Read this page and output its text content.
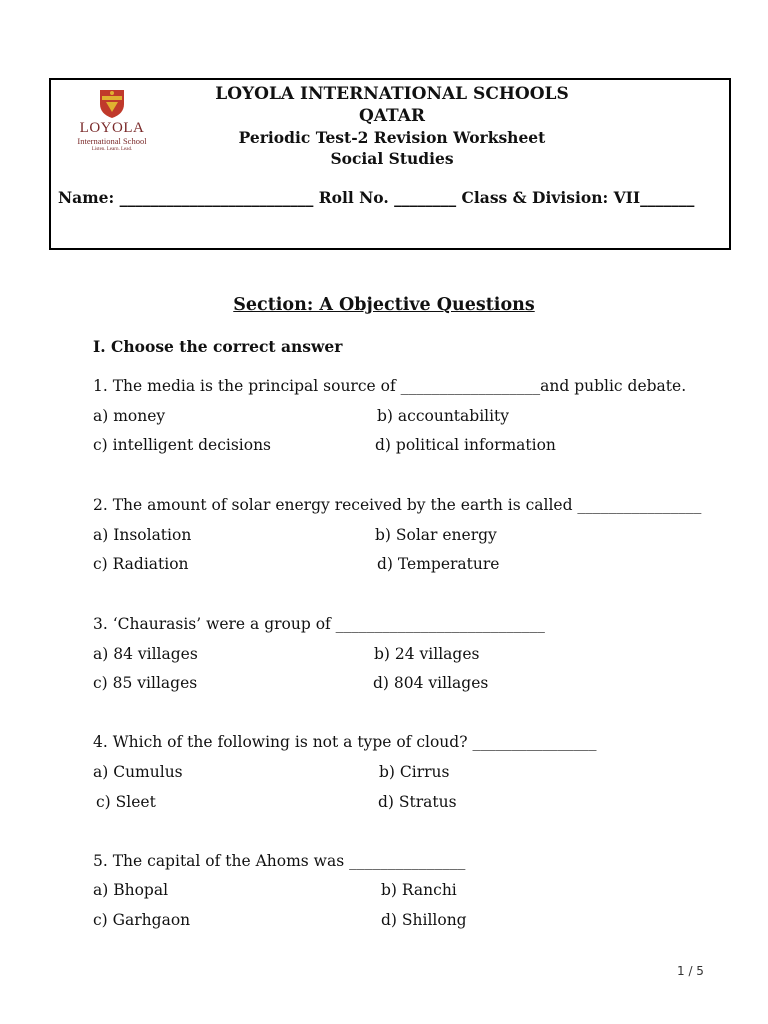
LOYOLA
International School
Listen. Learn. Lead.
LOYOLA INTERNATIONAL SCHOOLS
QATAR
Periodic Test-2 Revision Worksheet
Social Studies
Name: _________________________ Roll No. ________ Class & Division: VII_______
Section: A Objective Questions
I. Choose the correct answer
1. The media is the principal source of __________________and public debate.
a) money	b) accountability
c) intelligent decisions	d) political information
2. The amount of solar energy received by the earth is called ________________
a) Insolation	b) Solar energy
c) Radiation	d) Temperature
3. ‘Chaurasis’ were a group of ___________________________
a) 84 villages	b) 24 villages
c) 85 villages	d) 804 villages
4. Which of the following is not a type of cloud? ________________
a) Cumulus	b) Cirrus
c) Sleet	d) Stratus
5. The capital of the Ahoms was _______________
a) Bhopal	b) Ranchi
c) Garhgaon	d) Shillong
1 / 5
